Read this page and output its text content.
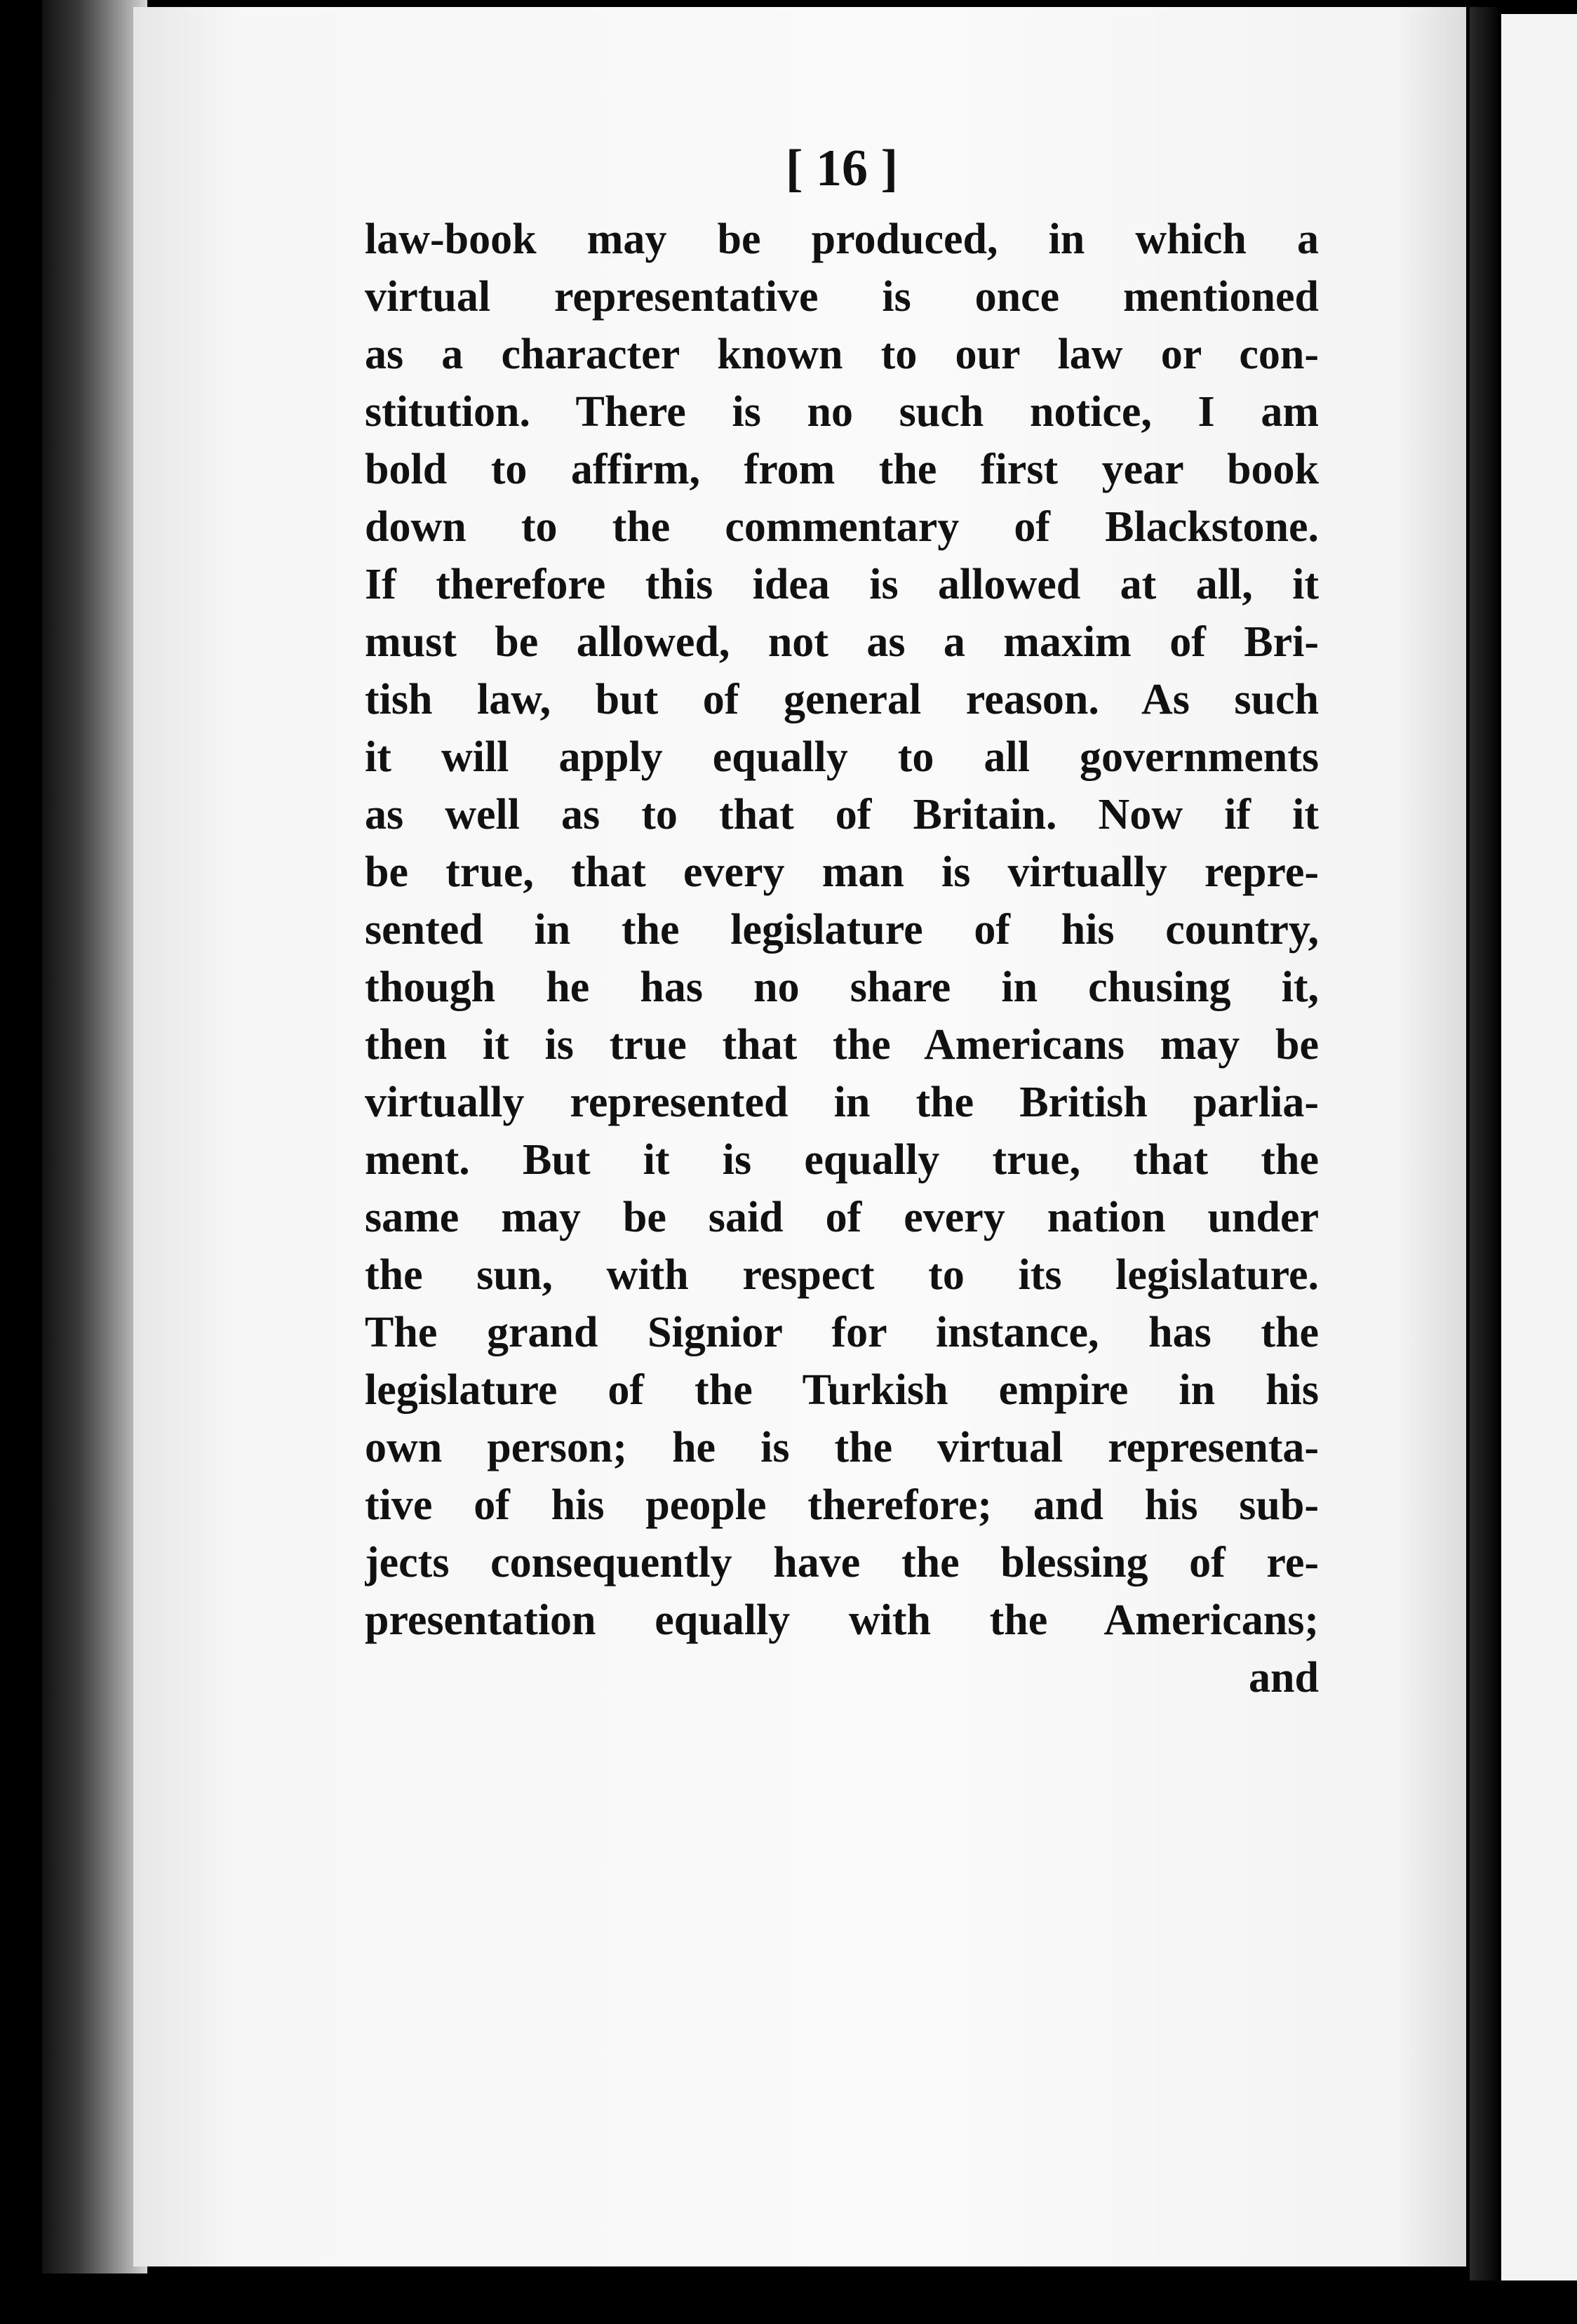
[ 16 ]
law-book may be produced, in which a
virtual representative is once mentioned
as a character known to our law or con-
stitution. There is no such notice, I am
bold to affirm, from the first year book
down to the commentary of Blackstone.
If therefore this idea is allowed at all, it
must be allowed, not as a maxim of Bri-
tish law, but of general reason. As such
it will apply equally to all governments
as well as to that of Britain. Now if it
be true, that every man is virtually repre-
sented in the legislature of his country,
though he has no share in chusing it,
then it is true that the Americans may be
virtually represented in the British parlia-
ment. But it is equally true, that the
same may be said of every nation under
the sun, with respect to its legislature.
The grand Signior for instance, has the
legislature of the Turkish empire in his
own person; he is the virtual representa-
tive of his people therefore; and his sub-
jects consequently have the blessing of re-
presentation equally with the Americans;
and
